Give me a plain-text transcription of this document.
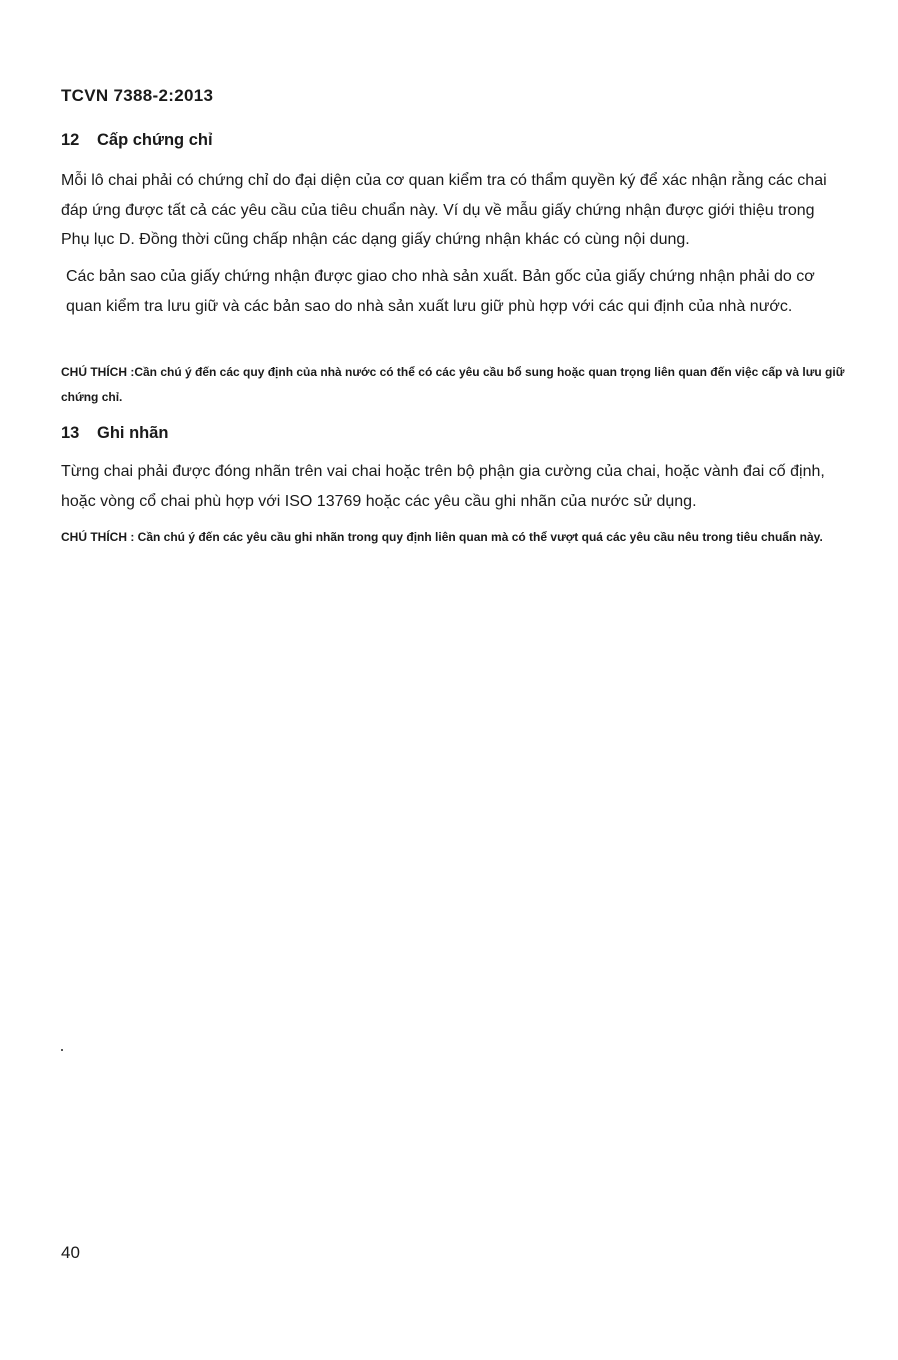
TCVN 7388-2:2013
12 Cấp chứng chỉ

Mỗi lô chai phải có chứng chỉ do đại diện của cơ quan kiểm tra có thẩm quyền ký để xác nhận rằng các chai đáp ứng được tất cả các yêu cầu của tiêu chuẩn này. Ví dụ về mẫu giấy chứng nhận được giới thiệu trong Phụ lục D. Đồng thời cũng chấp nhận các dạng giấy chứng nhận khác có cùng nội dung.

Các bản sao của giấy chứng nhận được giao cho nhà sản xuất. Bản gốc của giấy chứng nhận phải do cơ quan kiểm tra lưu giữ và các bản sao do nhà sản xuất lưu giữ phù hợp với các qui định của nhà nước.

CHÚ THÍCH :Cần chú ý đến các quy định của nhà nước có thể có các yêu cầu bổ sung hoặc quan trọng liên quan đến việc cấp và lưu giữ chứng chỉ.

13 Ghi nhãn

Từng chai phải được đóng nhãn trên vai chai hoặc trên bộ phận gia cường của chai, hoặc vành đai cố định, hoặc vòng cổ chai phù hợp với ISO 13769 hoặc các yêu cầu ghi nhãn của nước sử dụng.

CHÚ THÍCH : Cần chú ý đến các yêu cầu ghi nhãn trong quy định liên quan mà có thể vượt quá các yêu cầu nêu trong tiêu chuẩn này.

40
